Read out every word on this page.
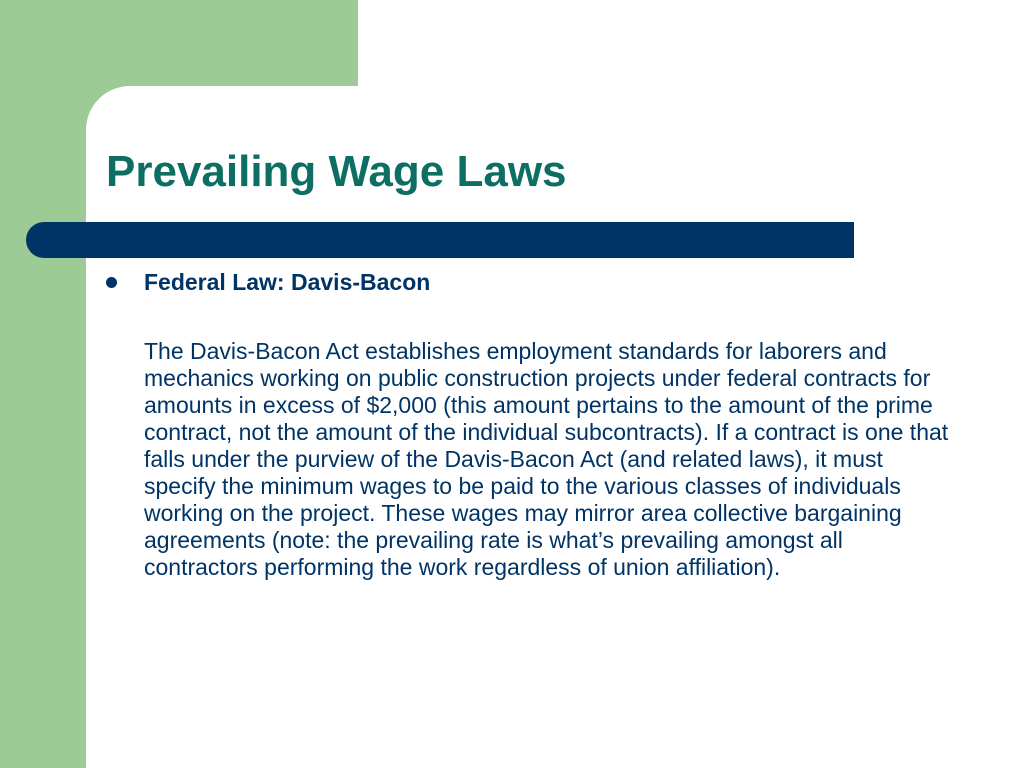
Prevailing Wage Laws
Federal Law: Davis-Bacon

The Davis-Bacon Act establishes employment standards for laborers and mechanics working on public construction projects under federal contracts for amounts in excess of $2,000 (this amount pertains to the amount of the prime contract, not the amount of the individual subcontracts). If a contract is one that falls under the purview of the Davis-Bacon Act (and related laws), it must specify the minimum wages to be paid to the various classes of individuals working on the project. These wages may mirror area collective bargaining agreements (note: the prevailing rate is what’s prevailing amongst all contractors performing the work regardless of union affiliation).
